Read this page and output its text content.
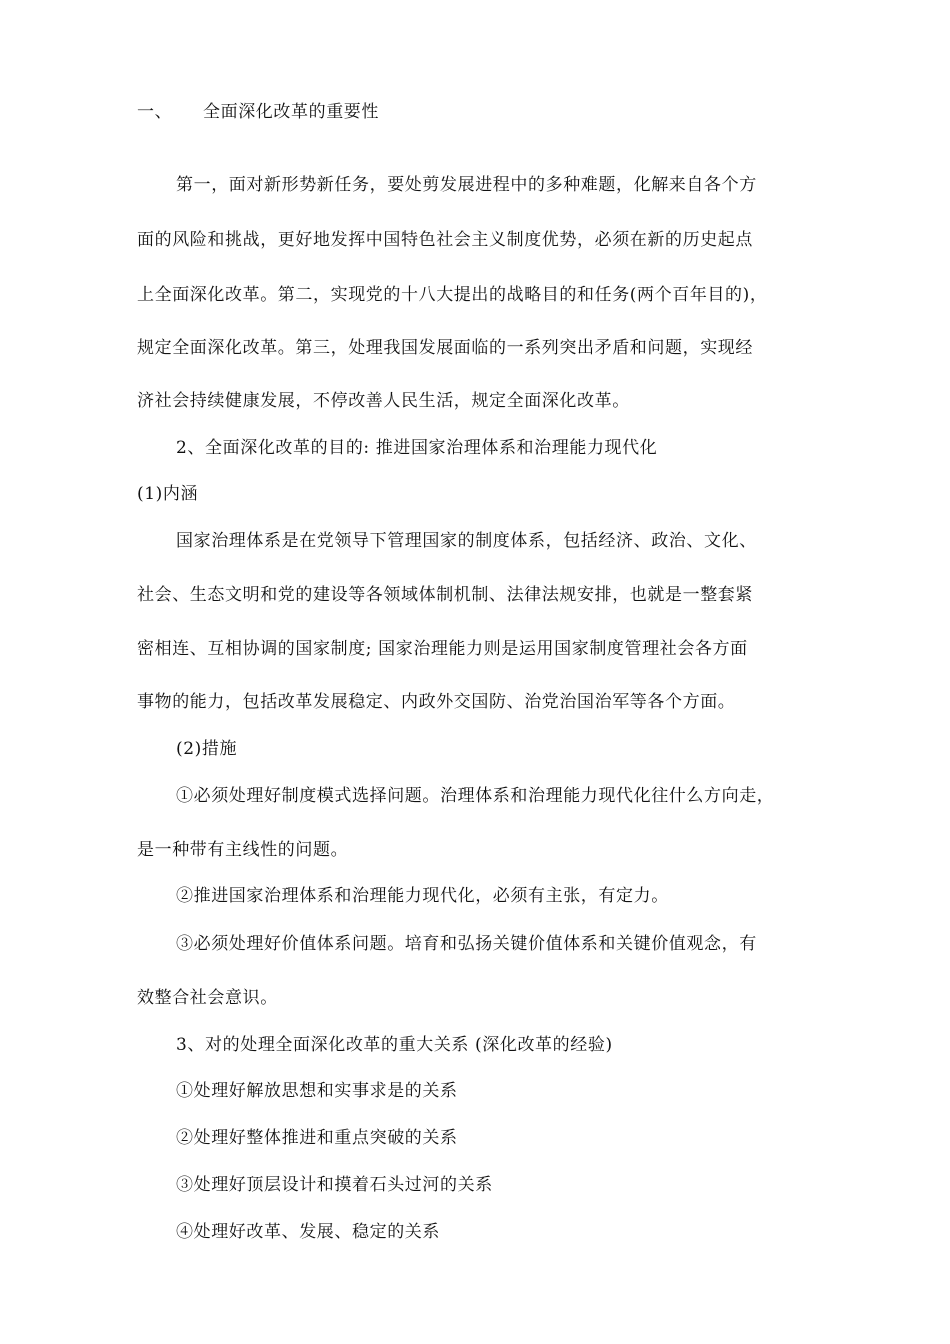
一、 全面深化改革的重要性
第一，面对新形势新任务，要处剪发展进程中的多种难题，化解来自各个方
面的风险和挑战，更好地发挥中国特色社会主义制度优势，必须在新的历史起点
上全面深化改革。第二，实现党的十八大提出的战略目的和任务(两个百年目的)，
规定全面深化改革。第三，处理我国发展面临的一系列突出矛盾和问题，实现经
济社会持续健康发展，不停改善人民生活，规定全面深化改革。
2、全面深化改革的目的: 推进国家治理体系和治理能力现代化
(1)内涵
国家治理体系是在党领导下管理国家的制度体系，包括经济、政治、文化、
社会、生态文明和党的建设等各领域体制机制、法律法规安排，也就是一整套紧
密相连、互相协调的国家制度; 国家治理能力则是运用国家制度管理社会各方面
事物的能力，包括改革发展稳定、内政外交国防、治党治国治军等各个方面。
(2)措施
①必须处理好制度模式选择问题。治理体系和治理能力现代化往什么方向走，
是一种带有主线性的问题。
②推进国家治理体系和治理能力现代化，必须有主张，有定力。
③必须处理好价值体系问题。培育和弘扬关键价值体系和关键价值观念，有
效整合社会意识。
3、对的处理全面深化改革的重大关系 (深化改革的经验)
①处理好解放思想和实事求是的关系
②处理好整体推进和重点突破的关系
③处理好顶层设计和摸着石头过河的关系
④处理好改革、发展、稳定的关系
